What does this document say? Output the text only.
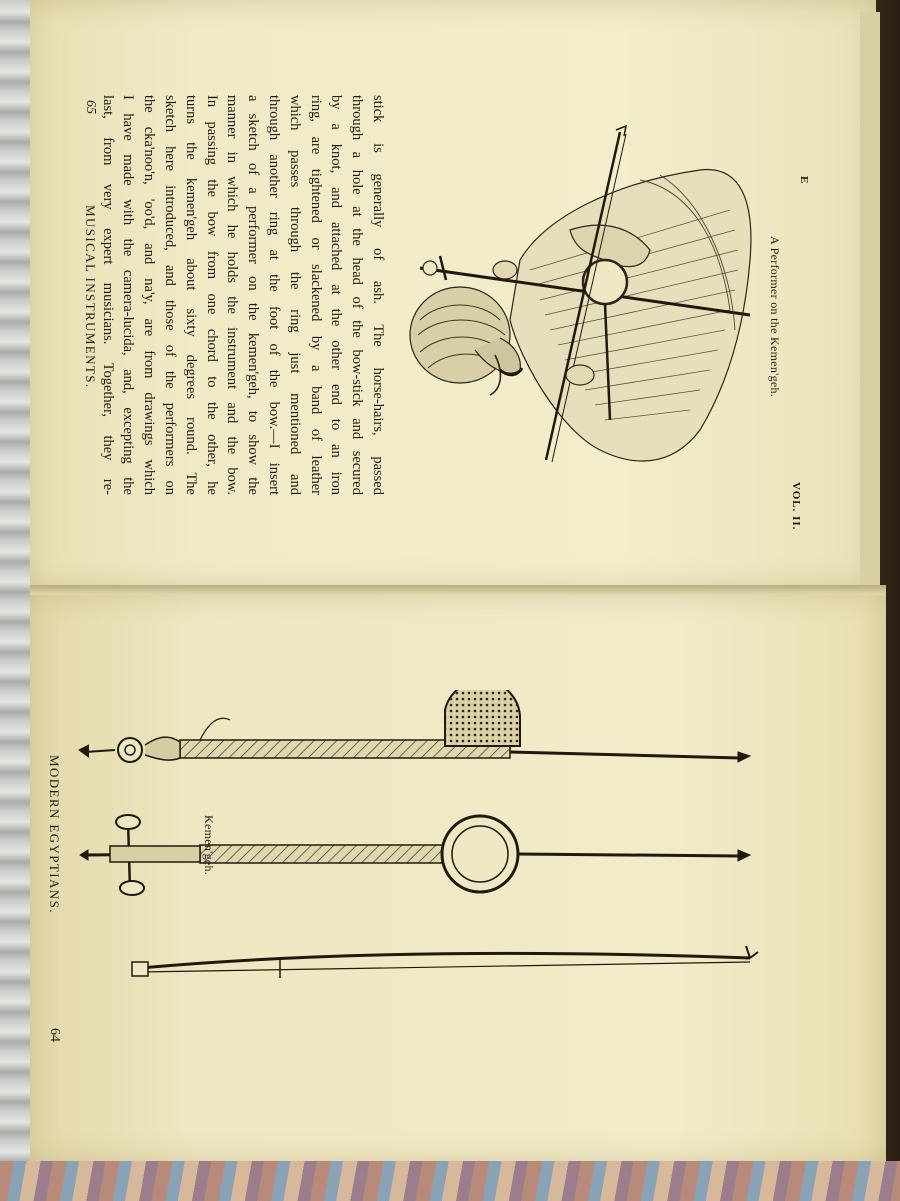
MUSICAL INSTRUMENTS.
65	stick is generally of ash. The horse-hairs, passed
through a hole at the head of the bow-stick and secured
by a knot, and attached at the other end to an iron
ring, are tightened or slackened by a band of leather
which passes through the ring just mentioned and
through another ring at the foot of the bow.—I insert
a sketch of a performer on the kemen'geh, to show the
manner in which he holds the instrument and the bow.
In passing the bow from one chord to the other, he
turns the kemen'geh about sixty degrees round. The
sketch here introduced, and those of the performers on
the cka'noo'n, 'oo'd, and na'y, are from drawings which
I have made with the camera-lucida, and, excepting the
last, from very expert musicians. Together, they re-	A Performer on the Kemen'geh.
VOL. II.
E
64
MODERN EGYPTIANS.	Kemen'geh.
